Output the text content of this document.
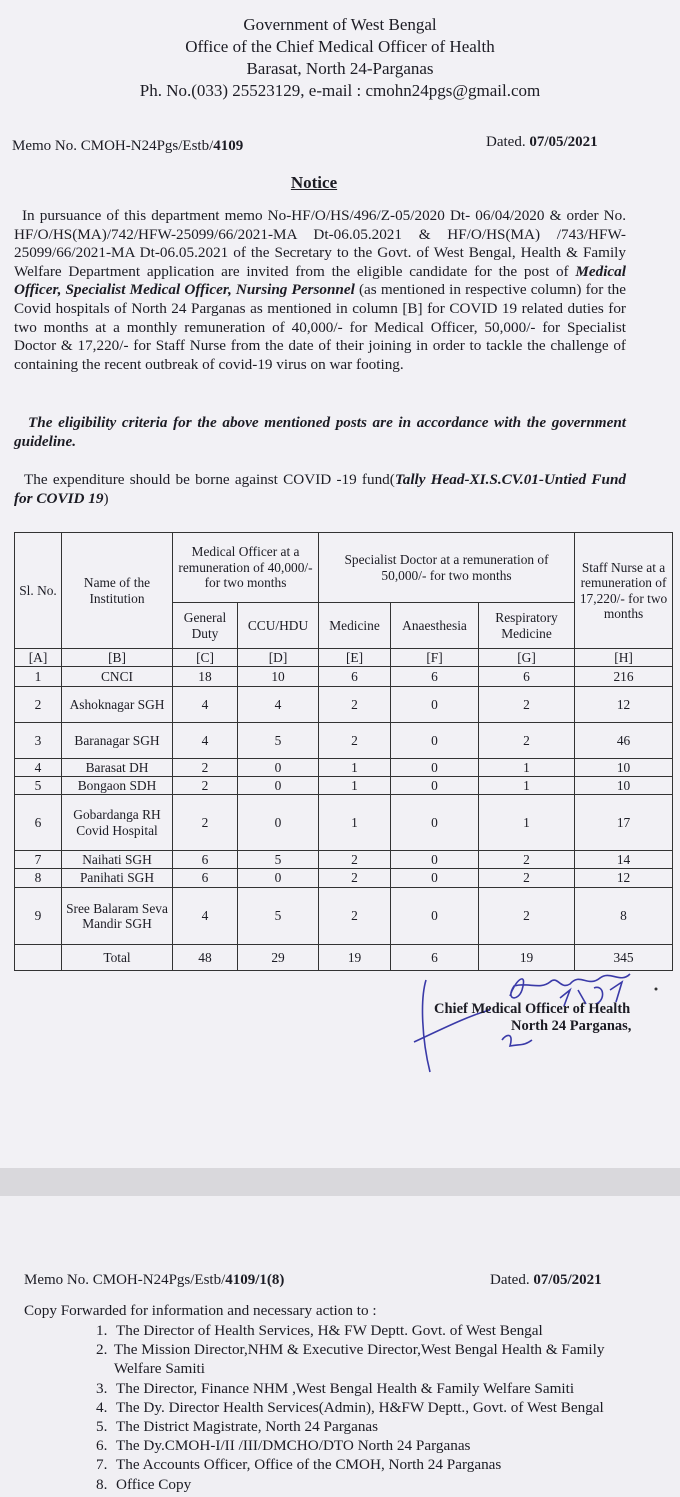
Government of West Bengal
Office of the Chief Medical Officer of Health
Barasat, North 24-Parganas
Ph. No.(033) 25523129, e-mail : cmohn24pgs@gmail.com
Memo No. CMOH-N24Pgs/Estb/4109	Dated. 07/05/2021
Notice
In pursuance of this department memo No-HF/O/HS/496/Z-05/2020 Dt- 06/04/2020 & order No. HF/O/HS(MA)/742/HFW-25099/66/2021-MA Dt-06.05.2021 & HF/O/HS(MA) /743/HFW-25099/66/2021-MA Dt-06.05.2021 of the Secretary to the Govt. of West Bengal, Health & Family Welfare Department application are invited from the eligible candidate for the post of Medical Officer, Specialist Medical Officer, Nursing Personnel (as mentioned in respective column) for the Covid hospitals of North 24 Parganas as mentioned in column [B] for COVID 19 related duties for two months at a monthly remuneration of 40,000/- for Medical Officer, 50,000/- for Specialist Doctor & 17,220/- for Staff Nurse from the date of their joining in order to tackle the challenge of containing the recent outbreak of covid-19 virus on war footing.
The eligibility criteria for the above mentioned posts are in accordance with the government guideline.
The expenditure should be borne against COVID -19 fund(Tally Head-XI.S.CV.01-Untied Fund for COVID 19)
Sl. No.	Name of the Institution	Medical Officer at a remuneration of 40,000/- for two months		Specialist Doctor at a remuneration of 50,000/- for two months			Staff Nurse at a remuneration of 17,220/- for two months
		General Duty	CCU/HDU	Medicine	Anaesthesia	Respiratory Medicine	
[A]	[B]	[C]	[D]	[E]	[F]	[G]	[H]
1	CNCI	18	10	6	6	6	216
2	Ashoknagar SGH	4	4	2	0	2	12
3	Baranagar SGH	4	5	2	0	2	46
4	Barasat DH	2	0	1	0	1	10
5	Bongaon SDH	2	0	1	0	1	10
6	Gobardanga RH Covid Hospital	2	0	1	0	1	17
7	Naihati SGH	6	5	2	0	2	14
8	Panihati SGH	6	0	2	0	2	12
9	Sree Balaram Seva Mandir SGH	4	5	2	0	2	8
	Total	48	29	19	6	19	345
Chief Medical Officer of Health
North 24 Parganas,
Memo No. CMOH-N24Pgs/Estb/4109/1(8)	Dated. 07/05/2021
Copy Forwarded for information and necessary action to :
1. The Director of Health Services, H& FW Deptt. Govt. of West Bengal
2. The Mission Director,NHM & Executive Director,West Bengal Health & Family Welfare Samiti
3. The Director, Finance NHM ,West Bengal Health & Family Welfare Samiti
4. The Dy. Director Health Services(Admin), H&FW Deptt., Govt. of West Bengal
5. The District Magistrate, North 24 Parganas
6. The Dy.CMOH-I/II /III/DMCHO/DTO North 24 Parganas
7. The Accounts Officer, Office of the CMOH, North 24 Parganas
8. Office Copy
